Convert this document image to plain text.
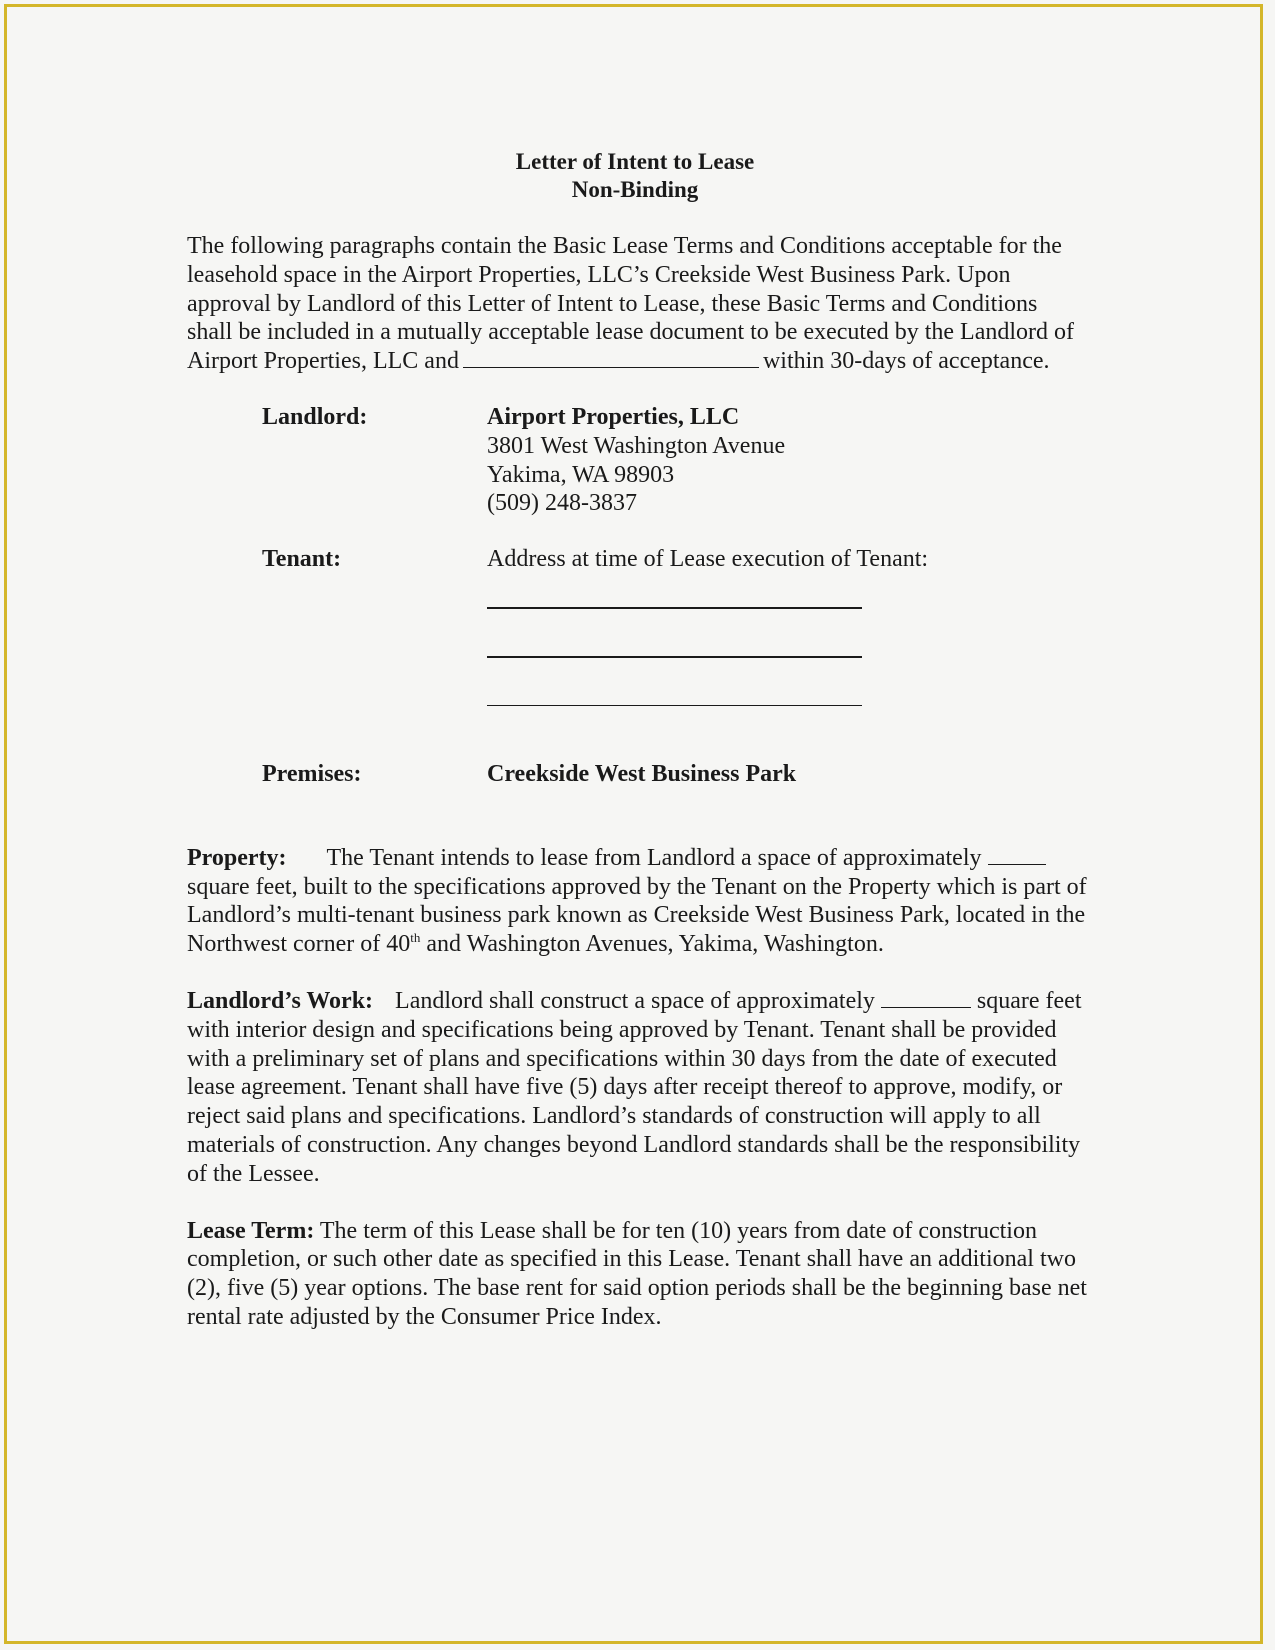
Letter of Intent to Lease
Non-Binding
The following paragraphs contain the Basic Lease Terms and Conditions acceptable for the leasehold space in the Airport Properties, LLC’s Creekside West Business Park. Upon approval by Landlord of this Letter of Intent to Lease, these Basic Terms and Conditions shall be included in a mutually acceptable lease document to be executed by the Landlord of Airport Properties, LLC and	within 30-days of acceptance.
Landlord:	Airport Properties, LLC
3801 West Washington Avenue
Yakima, WA 98903
(509) 248-3837
Tenant:	Address at time of Lease execution of Tenant:
Premises:	Creekside West Business Park
Property: The Tenant intends to lease from Landlord a space of approximately  square feet, built to the specifications approved by the Tenant on the Property which is part of Landlord’s multi-tenant business park known as Creekside West Business Park, located in the Northwest corner of 40th and Washington Avenues, Yakima, Washington.
Landlord’s Work: Landlord shall construct a space of approximately	square feet with interior design and specifications being approved by Tenant. Tenant shall be provided with a preliminary set of plans and specifications within 30 days from the date of executed lease agreement. Tenant shall have five (5) days after receipt thereof to approve, modify, or reject said plans and specifications. Landlord’s standards of construction will apply to all materials of construction. Any changes beyond Landlord standards shall be the responsibility of the Lessee.
Lease Term: The term of this Lease shall be for ten (10) years from date of construction completion, or such other date as specified in this Lease. Tenant shall have an additional two (2), five (5) year options. The base rent for said option periods shall be the beginning base net rental rate adjusted by the Consumer Price Index.
